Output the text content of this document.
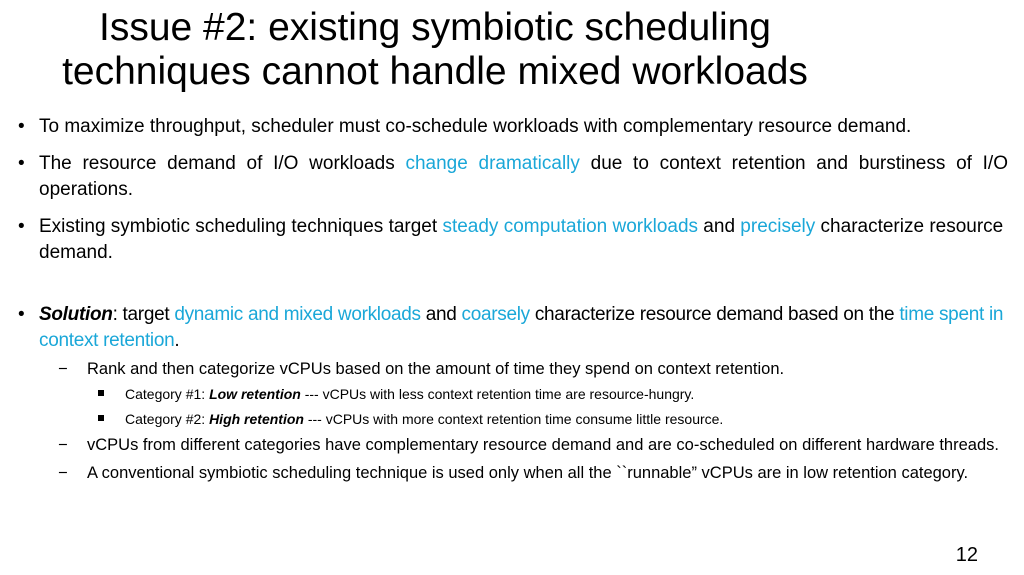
Issue #2: existing symbiotic scheduling
techniques cannot handle mixed workloads

• To maximize throughput, scheduler must co-schedule workloads with complementary resource demand.

• The resource demand of I/O workloads change dramatically due to context retention and burstiness of I/O operations.

• Existing symbiotic scheduling techniques target steady computation workloads and precisely characterize resource demand.

• Solution: target dynamic and mixed workloads and coarsely characterize resource demand based on the time spent in context retention.

− Rank and then categorize vCPUs based on the amount of time they spend on context retention.

Category #1: Low retention --- vCPUs with less context retention time are resource-hungry.

Category #2: High retention --- vCPUs with more context retention time consume little resource.

− vCPUs from different categories have complementary resource demand and are co-scheduled on different hardware threads.

− A conventional symbiotic scheduling technique is used only when all the ``runnable” vCPUs are in low retention category.

12
